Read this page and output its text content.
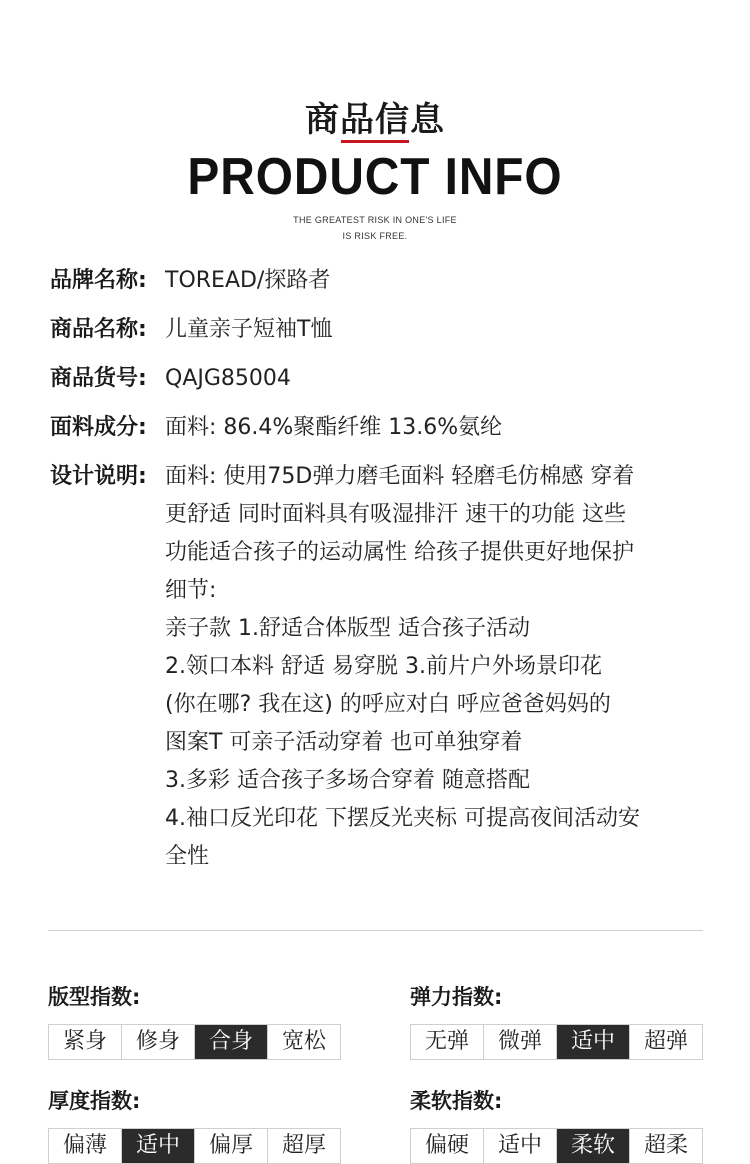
商品信息
PRODUCT INFO
THE GREATEST RISK IN ONE'S LIFE
IS RISK FREE.
品牌名称: TOREAD/探路者
商品名称: 儿童亲子短袖T恤
商品货号: QAJG85004
面料成分: 面料: 86.4%聚酯纤维 13.6%氨纶
设计说明: 面料: 使用75D弹力磨毛面料 轻磨毛仿棉感 穿着
更舒适 同时面料具有吸湿排汗 速干的功能 这些
功能适合孩子的运动属性 给孩子提供更好地保护
细节:
亲子款 1.舒适合体版型 适合孩子活动
2.领口本料 舒适 易穿脱 3.前片户外场景印花
(你在哪? 我在这) 的呼应对白 呼应爸爸妈妈的
图案T 可亲子活动穿着 也可单独穿着
3.多彩 适合孩子多场合穿着 随意搭配
4.袖口反光印花 下摆反光夹标 可提高夜间活动安
全性
版型指数:
紧身	修身	合身	宽松
弹力指数:
无弹	微弹	适中	超弹
厚度指数:
偏薄	适中	偏厚	超厚
柔软指数:
偏硬	适中	柔软	超柔
